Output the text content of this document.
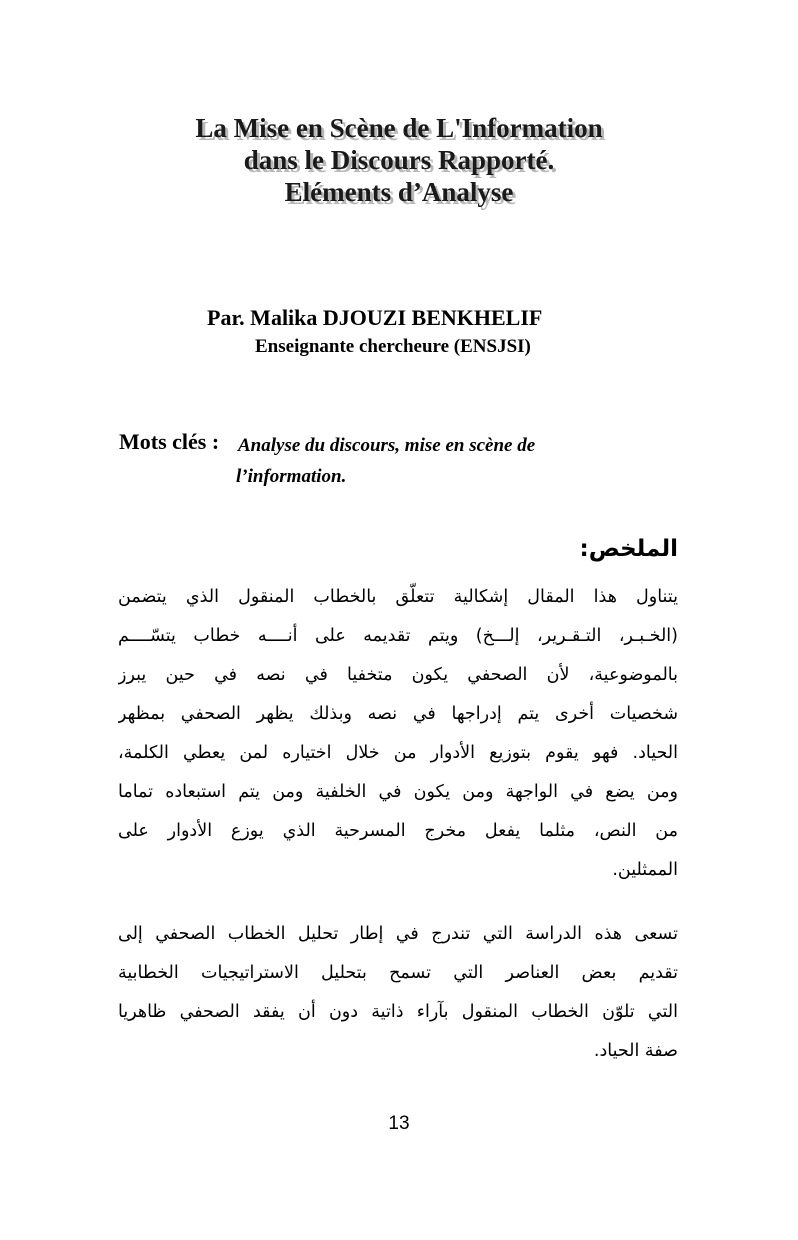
La Mise en Scène de L'Information
dans le Discours Rapporté.
Eléments d’Analyse
Par. Malika DJOUZI BENKHELIF
Enseignante chercheure (ENSJSI)
Mots clés : Analyse du discours, mise en scène de
l’information.
الملخص:
يتناول هذا المقال إشكالية تتعلّق بالخطاب المنقول الذي يتضمن
(الخـبـر، التـقـرير، إلـــخ) ويتم تقديمه على أنــــه خطاب يتسّــــم
بالموضوعية، لأن الصحفي يكون متخفيا في نصه في حين يبرز
شخصيات أخرى يتم إدراجها في نصه وبذلك يظهر الصحفي بمظهر
الحياد. فهو يقوم بتوزيع الأدوار من خلال اختياره لمن يعطي الكلمة،
ومن يضع في الواجهة ومن يكون في الخلفية ومن يتم استبعاده تماما
من النص، مثلما يفعل مخرج المسرحية الذي يوزع الأدوار على
الممثلين.
تسعى هذه الدراسة التي تندرج في إطار تحليل الخطاب الصحفي إلى
تقديم بعض العناصر التي تسمح بتحليل الاستراتيجيات الخطابية
التي تلوّن الخطاب المنقول بآراء ذاتية دون أن يفقد الصحفي ظاهريا
صفة الحياد.
13
